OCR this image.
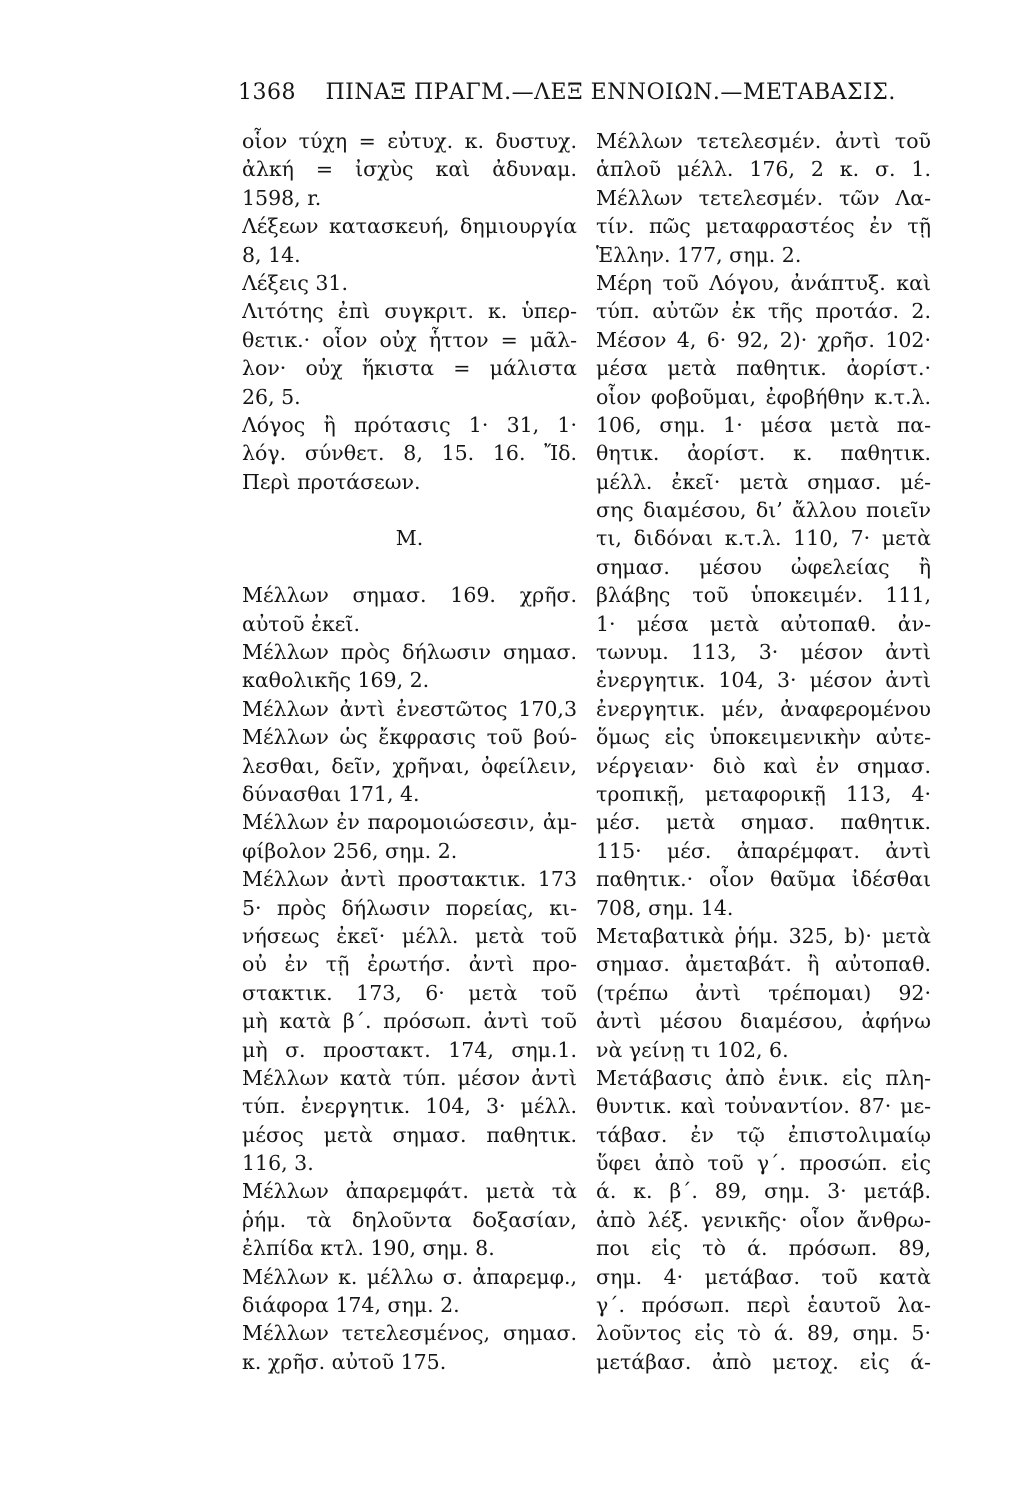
1368 ΠΙΝΑΞ ΠΡΑΓΜ.—ΛΕΞ ΕΝΝΟΙΩΝ.—ΜΕΤΑΒΑΣΙΣ.
οἷον τύχη = εὐτυχ. κ. δυστυχ.
ἀλκή = ἰσχὺς καὶ ἀδυναμ.
1598, r.
Λέξεων κατασκευή, δημιουργία
8, 14.
Λέξεις 31.
Λιτότης ἐπὶ συγκριτ. κ. ὑπερ-
θετικ.· οἷον οὐχ ἧττον = μᾶλ-
λον· οὐχ ἥκιστα = μάλιστα
26, 5.
Λόγος ἢ πρότασις 1· 31, 1·
λόγ. σύνθετ. 8, 15. 16. Ἴδ.
Περὶ προτάσεων.
Μ.
Μέλλων σημασ. 169. χρῆσ.
αὐτοῦ ἐκεῖ.
Μέλλων πρὸς δήλωσιν σημασ.
καθολικῆς 169, 2.
Μέλλων ἀντὶ ἐνεστῶτος 170,3
Μέλλων ὡς ἔκφρασις τοῦ βού-
λεσθαι, δεῖν, χρῆναι, ὀφείλειν,
δύνασθαι 171, 4.
Μέλλων ἐν παρομοιώσεσιν, ἀμ-
φίβολον 256, σημ. 2.
Μέλλων ἀντὶ προστακτικ. 173
5· πρὸς δήλωσιν πορείας, κι-
νήσεως ἐκεῖ· μέλλ. μετὰ τοῦ
οὐ ἐν τῇ ἐρωτήσ. ἀντὶ προ-
στακτικ. 173, 6· μετὰ τοῦ
μὴ κατὰ β΄. πρόσωπ. ἀντὶ τοῦ
μὴ σ. προστακτ. 174, σημ.1.
Μέλλων κατὰ τύπ. μέσον ἀντὶ
τύπ. ἐνεργητικ. 104, 3· μέλλ.
μέσος μετὰ σημασ. παθητικ.
116, 3.
Μέλλων ἀπαρεμφάτ. μετὰ τὰ
ῥήμ. τὰ δηλοῦντα δοξασίαν,
ἐλπίδα κτλ. 190, σημ. 8.
Μέλλων κ. μέλλω σ. ἀπαρεμφ.,
διάφορα 174, σημ. 2.
Μέλλων τετελεσμένος, σημασ.
κ. χρῆσ. αὐτοῦ 175.
Μέλλων τετελεσμέν. ἀντὶ τοῦ
ἁπλοῦ μέλλ. 176, 2 κ. σ. 1.
Μέλλων τετελεσμέν. τῶν Λα-
τίν. πῶς μεταφραστέος ἐν τῇ
Ἑλλην. 177, σημ. 2.
Μέρη τοῦ Λόγου, ἀνάπτυξ. καὶ
τύπ. αὐτῶν ἐκ τῆς προτάσ. 2.
Μέσον 4, 6· 92, 2)· χρῆσ. 102·
μέσα μετὰ παθητικ. ἀορίστ.·
οἷον φοβοῦμαι, ἐφοβήθην κ.τ.λ.
106, σημ. 1· μέσα μετὰ πα-
θητικ. ἀορίστ. κ. παθητικ.
μέλλ. ἐκεῖ· μετὰ σημασ. μέ-
σης διαμέσου, δι’ ἄλλου ποιεῖν
τι, διδόναι κ.τ.λ. 110, 7· μετὰ
σημασ. μέσου ὠφελείας ἢ
βλάβης τοῦ ὑποκειμέν. 111,
1· μέσα μετὰ αὐτοπαθ. ἀν-
τωνυμ. 113, 3· μέσον ἀντὶ
ἐνεργητικ. 104, 3· μέσον ἀντὶ
ἐνεργητικ. μέν, ἀναφερομένου
ὅμως εἰς ὑποκειμενικὴν αὐτε-
νέργειαν· διὸ καὶ ἐν σημασ.
τροπικῇ, μεταφορικῇ 113, 4·
μέσ. μετὰ σημασ. παθητικ.
115· μέσ. ἀπαρέμφατ. ἀντὶ
παθητικ.· οἷον θαῦμα ἰδέσθαι
708, σημ. 14.
Μεταβατικὰ ῥήμ. 325, b)· μετὰ
σημασ. ἀμεταβάτ. ἢ αὐτοπαθ.
(τρέπω ἀντὶ τρέπομαι) 92·
ἀντὶ μέσου διαμέσου, ἀφήνω
νὰ γείνῃ τι 102, 6.
Μετάβασις ἀπὸ ἑνικ. εἰς πλη-
θυντικ. καὶ τοὐναντίον. 87· με-
τάβασ. ἐν τῷ ἐπιστολιμαίῳ
ὕφει ἀπὸ τοῦ γ΄. προσώπ. εἰς
ά. κ. β΄. 89, σημ. 3· μετάβ.
ἀπὸ λέξ. γενικῆς· οἷον ἄνθρω-
ποι εἰς τὸ ά. πρόσωπ. 89,
σημ. 4· μετάβασ. τοῦ κατὰ
γ΄. πρόσωπ. περὶ ἑαυτοῦ λα-
λοῦντος εἰς τὸ ά. 89, σημ. 5·
μετάβασ. ἀπὸ μετοχ. εἰς ά-
